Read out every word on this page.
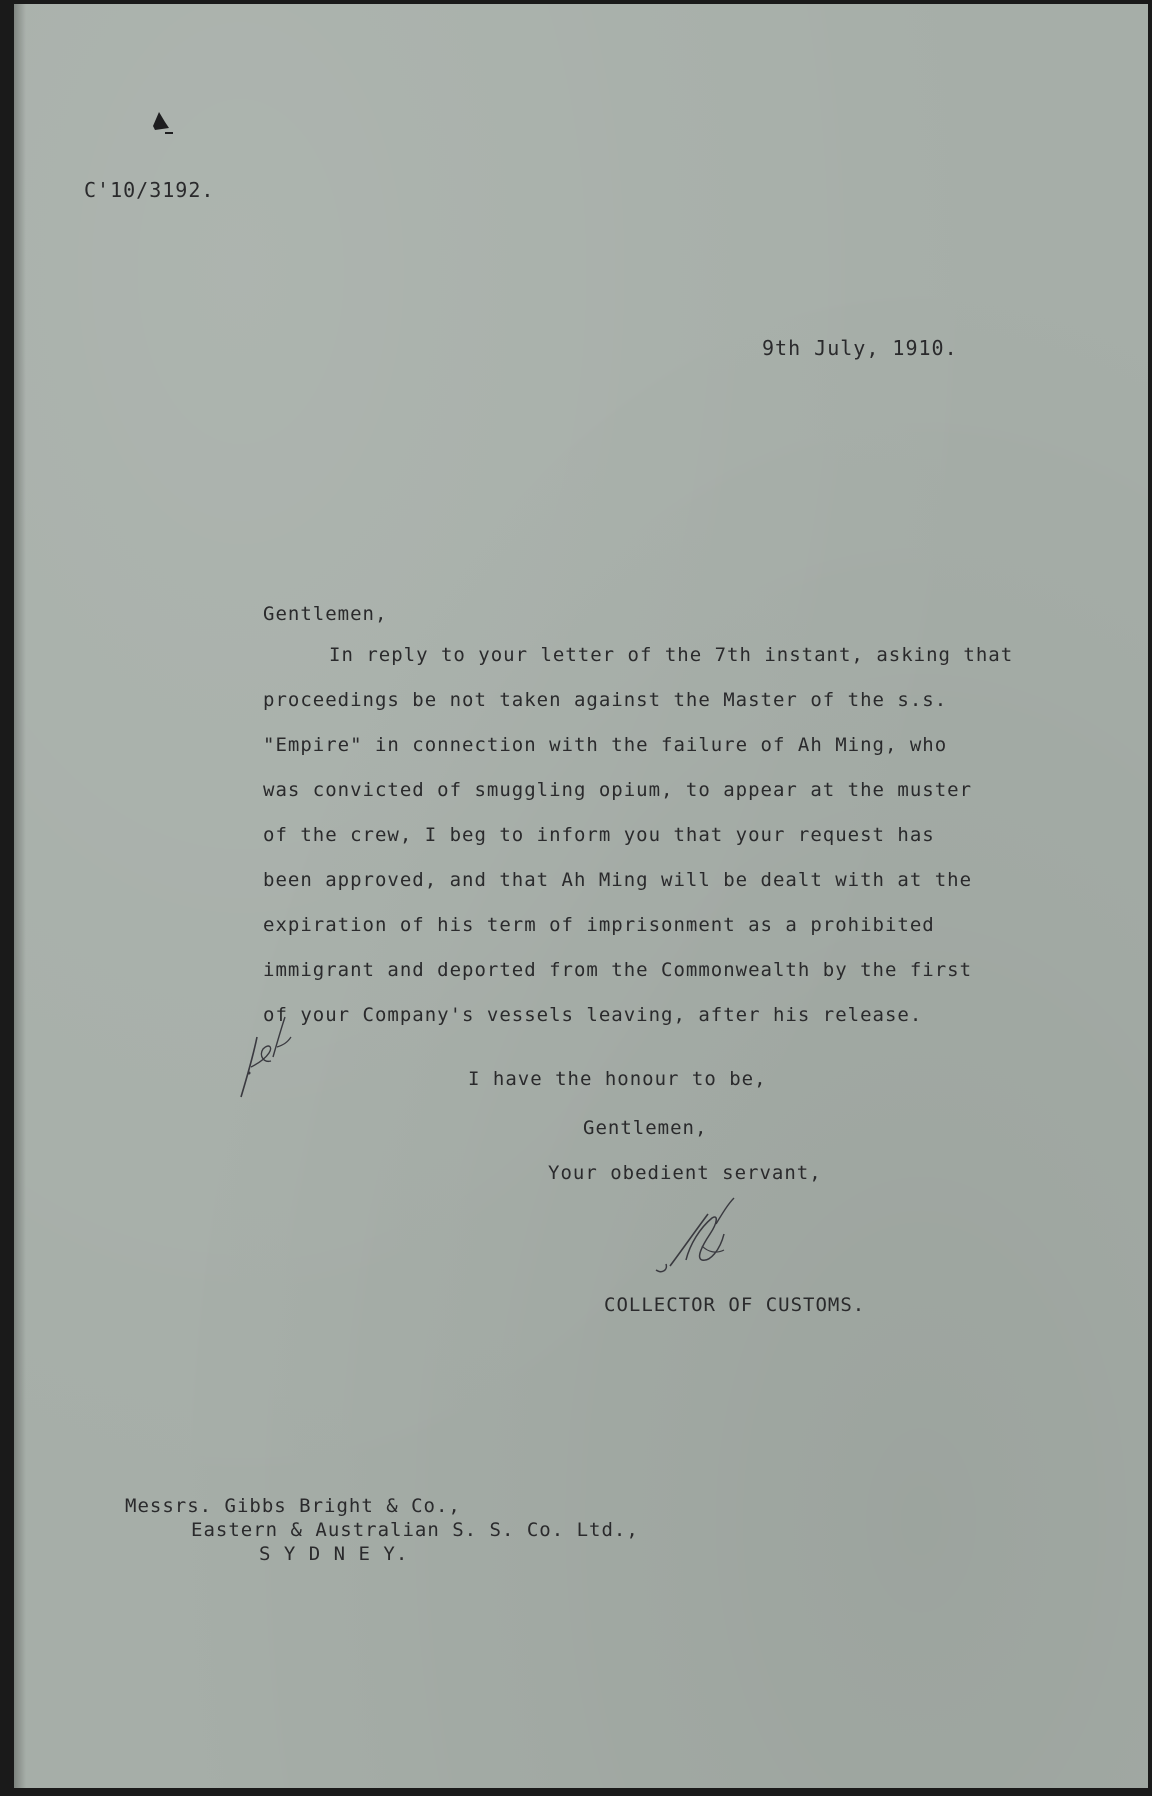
C'10/3192.
9th July, 1910.
Gentlemen,
In reply to your letter of the 7th instant, asking that
proceedings be not taken against the Master of the s.s.
"Empire" in connection with the failure of Ah Ming, who
was convicted of smuggling opium, to appear at the muster
of the crew, I beg to inform you that your request has
been approved, and that Ah Ming will be dealt with at the
expiration of his term of imprisonment as a prohibited
immigrant and deported from the Commonwealth by the first
of your Company's vessels leaving, after his release.
I have the honour to be,
Gentlemen,
Your obedient servant,
COLLECTOR OF CUSTOMS.
Messrs. Gibbs Bright & Co.,
Eastern & Australian S. S. Co. Ltd.,
S Y D N E Y.
